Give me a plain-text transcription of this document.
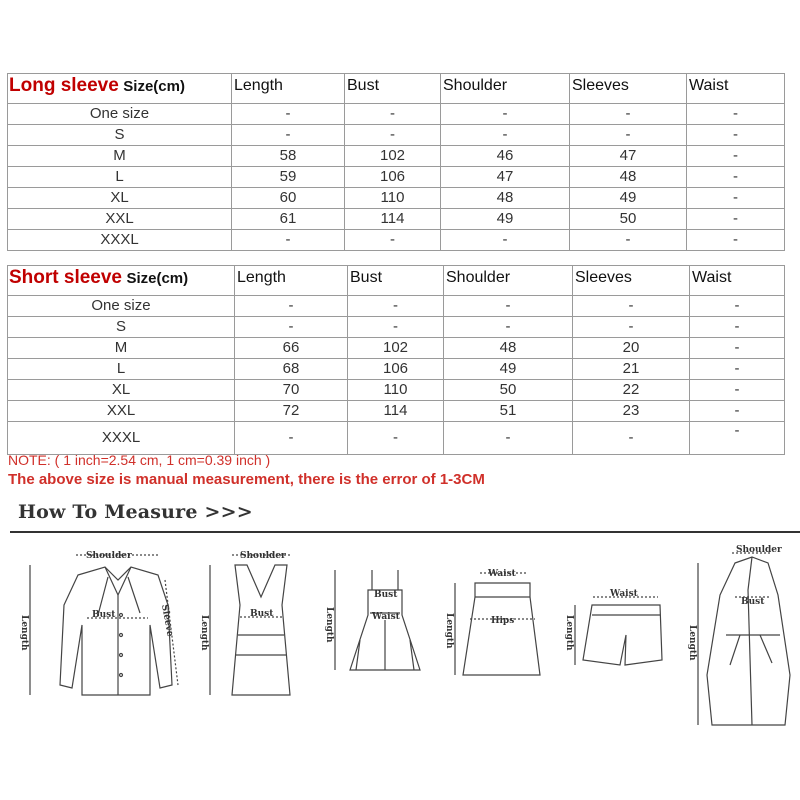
Long sleeve Size(cm)	Length	Bust	Shoulder	Sleeves	Waist
One size	-	-	-	-	-
S	-	-	-	-	-
M	58	102	46	47	-
L	59	106	47	48	-
XL	60	110	48	49	-
XXL	61	114	49	50	-
XXXL	-	-	-	-	-
Short sleeve Size(cm)	Length	Bust	Shoulder	Sleeves	Waist
One size	-	-	-	-	-
S	-	-	-	-	-
M	66	102	48	20	-
L	68	106	49	21	-
XL	70	110	50	22	-
XXL	72	114	51	23	-
XXXL	-	-	-	-	-
NOTE: ( 1 inch=2.54 cm, 1 cm=0.39 inch )
The above size is manual measurement, there is the error of 1-3CM
How To Measure >>>
Shoulder
Bust
Length	Sleeve
Shoulder
Bust
Length
Bust
Waist
Length
Waist
Hips
Length
Waist
Length
Shoulder
Bust
Length
